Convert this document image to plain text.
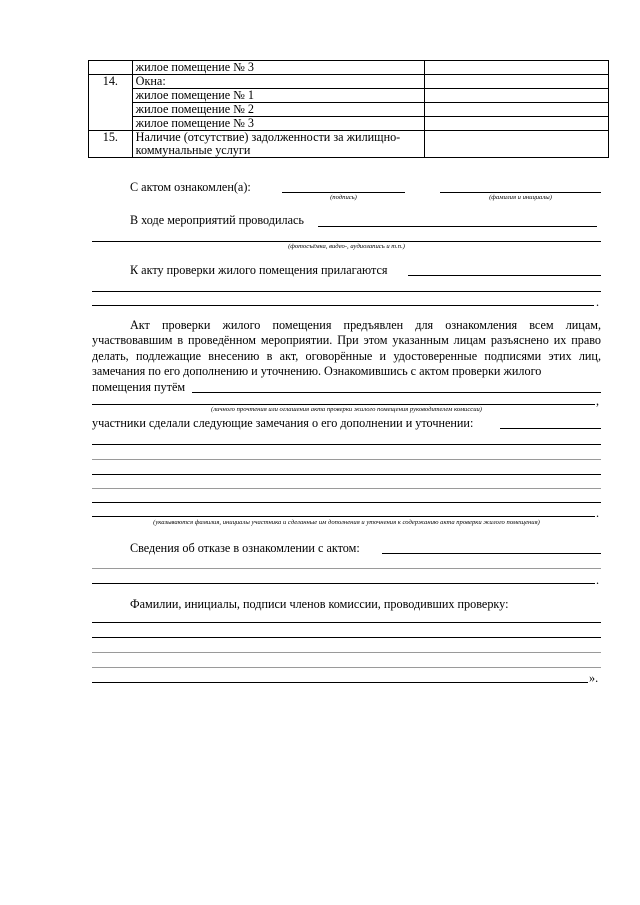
	жилое помещение № 3	
14.	Окна:	
	жилое помещение № 1	
	жилое помещение № 2	
	жилое помещение № 3	
15.	Наличие (отсутствие) задолженности за жилищно-коммунальные услуги	
С актом ознакомлен(а):
(подпись)	(фамилия и инициалы)
В ходе мероприятий проводилась
(фотосъёмка, видео-, аудиозапись и т.п.)
К акту проверки жилого помещения прилагаются
.
Акт проверки жилого помещения предъявлен для ознакомления всем лицам, участвовавшим в проведённом мероприятии. При этом указанным лицам разъяснено их право делать, подлежащие внесению в акт, оговорённые и удостоверенные подписями этих лиц, замечания по его дополнению и уточнению. Ознакомившись с актом проверки жилого
помещения путём
,
(личного прочтения или оглашения акта проверки жилого помещения руководителем комиссии)
участники сделали следующие замечания о его дополнении и уточнении:
.
(указываются фамилия, инициалы участника и сделанные им дополнения и уточнения к содержанию акта проверки жилого помещения)
Сведения об отказе в ознакомлении с актом:
.
Фамилии, инициалы, подписи членов комиссии, проводивших проверку:
».
